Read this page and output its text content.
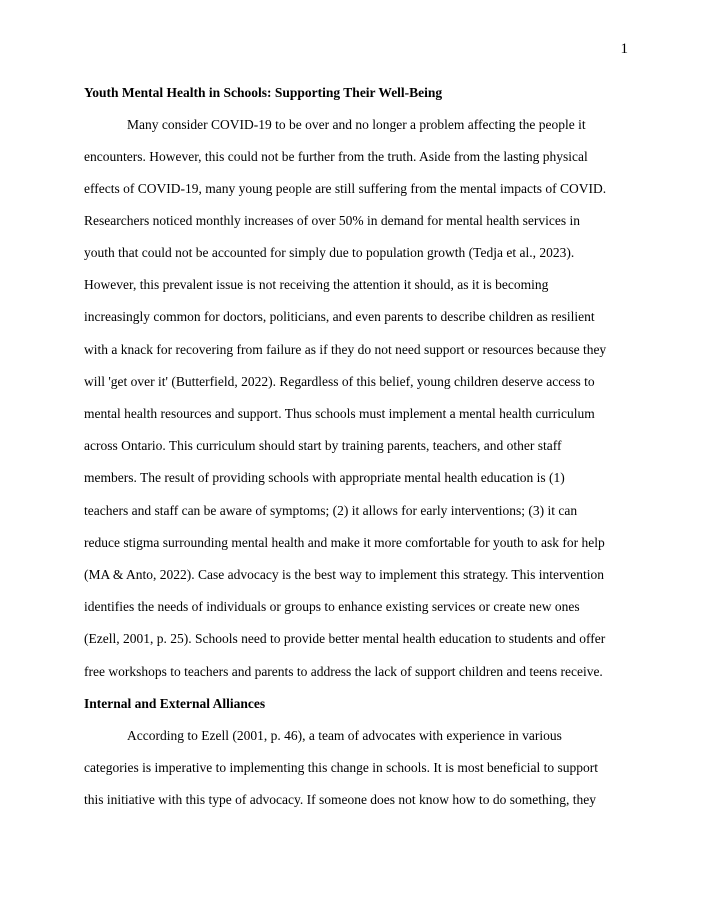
1
Youth Mental Health in Schools: Supporting Their Well-Being
Many consider COVID-19 to be over and no longer a problem affecting the people it
encounters. However, this could not be further from the truth. Aside from the lasting physical
effects of COVID-19, many young people are still suffering from the mental impacts of COVID.
Researchers noticed monthly increases of over 50% in demand for mental health services in
youth that could not be accounted for simply due to population growth (Tedja et al., 2023).
However, this prevalent issue is not receiving the attention it should, as it is becoming
increasingly common for doctors, politicians, and even parents to describe children as resilient
with a knack for recovering from failure as if they do not need support or resources because they
will 'get over it' (Butterfield, 2022). Regardless of this belief, young children deserve access to
mental health resources and support. Thus schools must implement a mental health curriculum
across Ontario. This curriculum should start by training parents, teachers, and other staff
members. The result of providing schools with appropriate mental health education is (1)
teachers and staff can be aware of symptoms; (2) it allows for early interventions; (3) it can
reduce stigma surrounding mental health and make it more comfortable for youth to ask for help
(MA & Anto, 2022). Case advocacy is the best way to implement this strategy. This intervention
identifies the needs of individuals or groups to enhance existing services or create new ones
(Ezell, 2001, p. 25). Schools need to provide better mental health education to students and offer
free workshops to teachers and parents to address the lack of support children and teens receive.
Internal and External Alliances
According to Ezell (2001, p. 46), a team of advocates with experience in various
categories is imperative to implementing this change in schools. It is most beneficial to support
this initiative with this type of advocacy. If someone does not know how to do something, they
